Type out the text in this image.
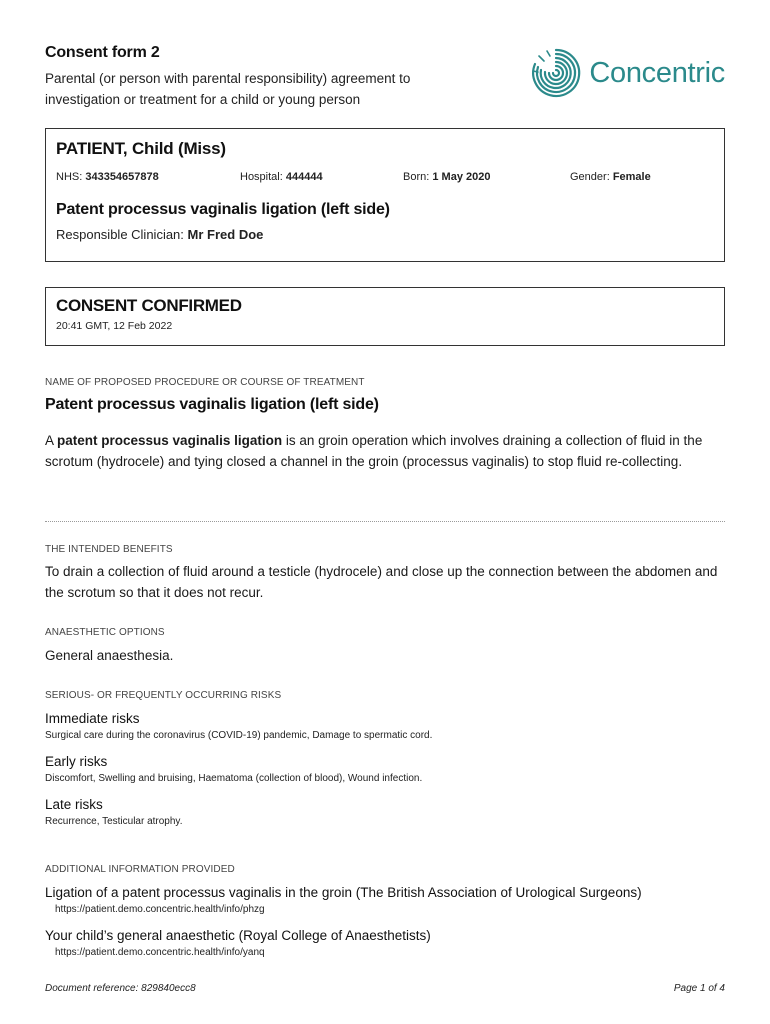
Consent form 2
Parental (or person with parental responsibility) agreement to investigation or treatment for a child or young person
Concentric
PATIENT, Child (Miss)
NHS: 343354657878	Hospital: 444444	Born: 1 May 2020	Gender: Female
Patent processus vaginalis ligation (left side)
Responsible Clinician: Mr Fred Doe
CONSENT CONFIRMED
20:41 GMT, 12 Feb 2022
NAME OF PROPOSED PROCEDURE OR COURSE OF TREATMENT
Patent processus vaginalis ligation (left side)

A patent processus vaginalis ligation is an groin operation which involves draining a collection of fluid in the scrotum (hydrocele) and tying closed a channel in the groin (processus vaginalis) to stop fluid re-collecting.

THE INTENDED BENEFITS

To drain a collection of fluid around a testicle (hydrocele) and close up the connection between the abdomen and the scrotum so that it does not recur.

ANAESTHETIC OPTIONS

General anaesthesia.

SERIOUS- OR FREQUENTLY OCCURRING RISKS
Immediate risks
Surgical care during the coronavirus (COVID-19) pandemic, Damage to spermatic cord.
Early risks
Discomfort, Swelling and bruising, Haematoma (collection of blood), Wound infection.
Late risks
Recurrence, Testicular atrophy.
ADDITIONAL INFORMATION PROVIDED
Ligation of a patent processus vaginalis in the groin (The British Association of Urological Surgeons)
https://patient.demo.concentric.health/info/phzg
Your child’s general anaesthetic (Royal College of Anaesthetists)
https://patient.demo.concentric.health/info/yanq
Document reference: 829840ecc8	Page 1 of 4
